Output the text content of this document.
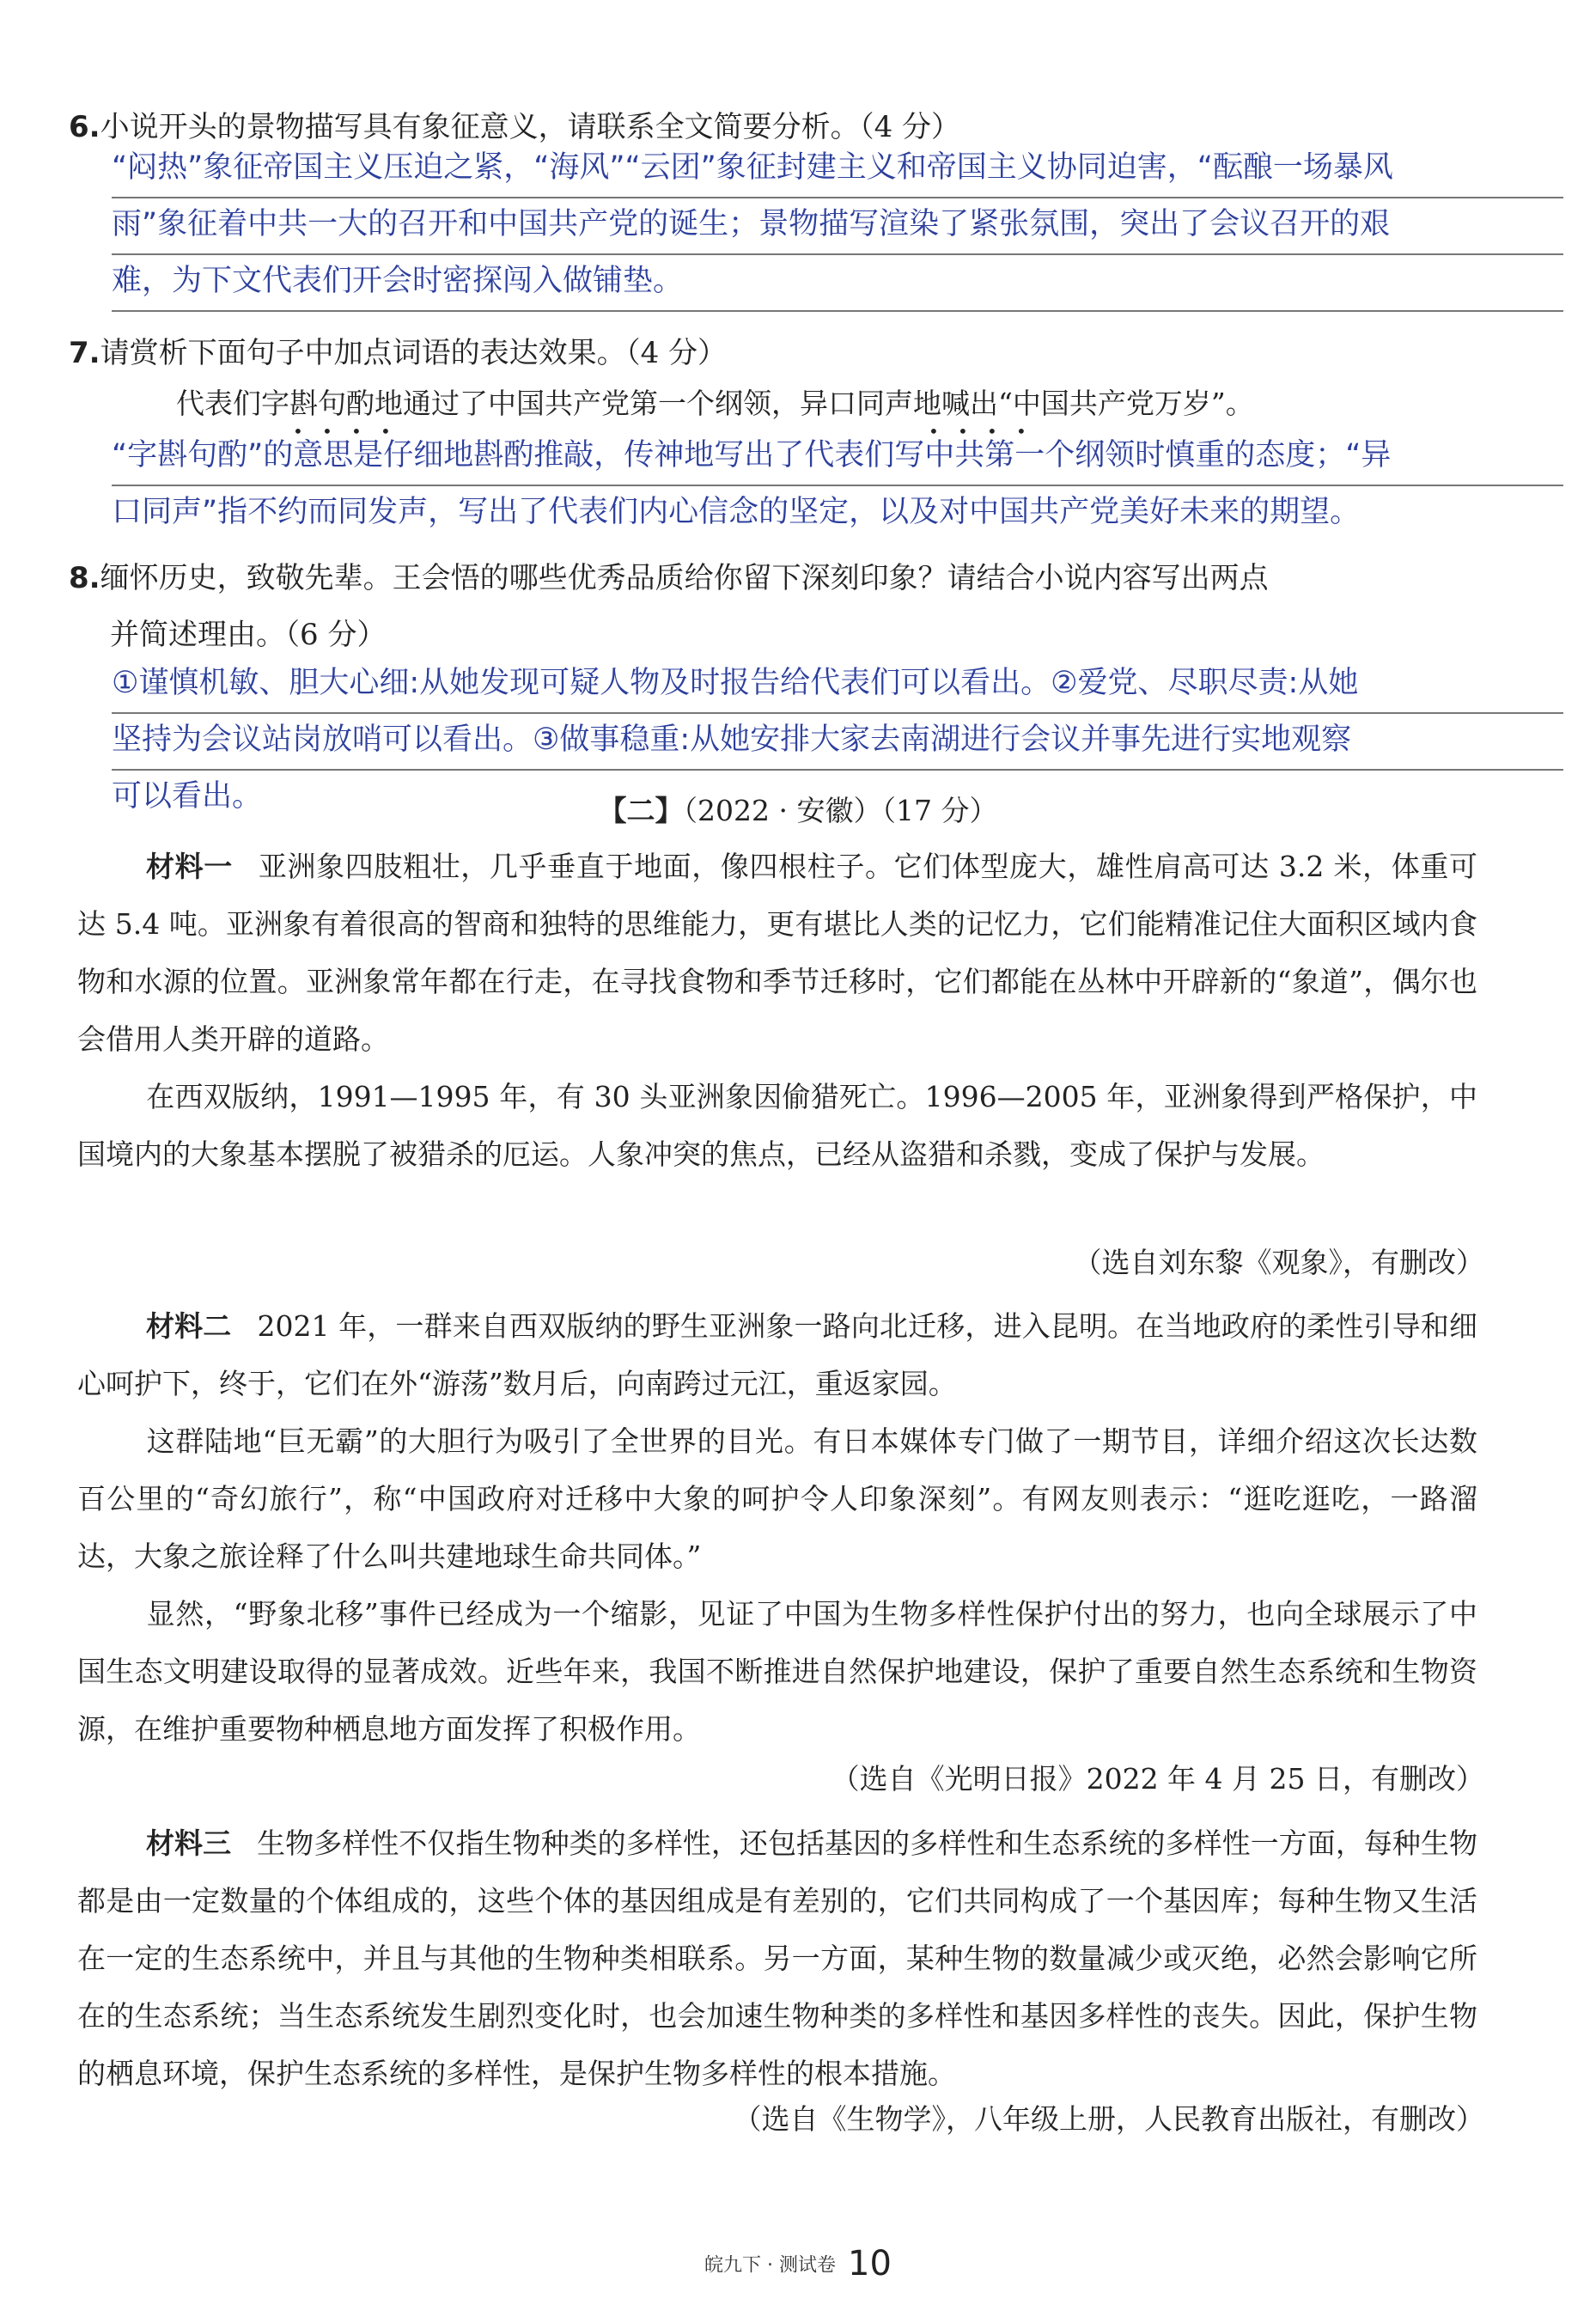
6.小说开头的景物描写具有象征意义，请联系全文简要分析。（4 分）
“闷热”象征帝国主义压迫之紧，“海风”“云团”象征封建主义和帝国主义协同迫害，“酝酿一场暴风
雨”象征着中共一大的召开和中国共产党的诞生；景物描写渲染了紧张氛围，突出了会议召开的艰
难，为下文代表们开会时密探闯入做铺垫。
7.请赏析下面句子中加点词语的表达效果。（4 分）
代表们字斟句酌地通过了中国共产党第一个纲领，异口同声地喊出“中国共产党万岁”。
• • • •	• • • •
“字斟句酌”的意思是仔细地斟酌推敲，传神地写出了代表们写中共第一个纲领时慎重的态度；“异
口同声”指不约而同发声，写出了代表们内心信念的坚定，以及对中国共产党美好未来的期望。
8.缅怀历史，致敬先辈。王会悟的哪些优秀品质给你留下深刻印象？请结合小说内容写出两点
并简述理由。（6 分）
①谨慎机敏、胆大心细:从她发现可疑人物及时报告给代表们可以看出。②爱党、尽职尽责:从她
坚持为会议站岗放哨可以看出。③做事稳重:从她安排大家去南湖进行会议并事先进行实地观察
可以看出。	【二】（2022 · 安徽）（17 分）
材料一 亚洲象四肢粗壮，几乎垂直于地面，像四根柱子。它们体型庞大，雄性肩高可达 3.2 米，体重可达 5.4 吨。亚洲象有着很高的智商和独特的思维能力，更有堪比人类的记忆力，它们能精准记住大面积区域内食物和水源的位置。亚洲象常年都在行走，在寻找食物和季节迁移时，它们都能在丛林中开辟新的“象道”，偶尔也会借用人类开辟的道路。
在西双版纳，1991—1995 年，有 30 头亚洲象因偷猎死亡。1996—2005 年，亚洲象得到严格保护，中国境内的大象基本摆脱了被猎杀的厄运。人象冲突的焦点，已经从盗猎和杀戮，变成了保护与发展。
（选自刘东黎《观象》，有删改）
材料二 2021 年，一群来自西双版纳的野生亚洲象一路向北迁移，进入昆明。在当地政府的柔性引导和细心呵护下，终于，它们在外“游荡”数月后，向南跨过元江，重返家园。
这群陆地“巨无霸”的大胆行为吸引了全世界的目光。有日本媒体专门做了一期节目，详细介绍这次长达数百公里的“奇幻旅行”，称“中国政府对迁移中大象的呵护令人印象深刻”。有网友则表示：“逛吃逛吃，一路溜达，大象之旅诠释了什么叫共建地球生命共同体。”
显然，“野象北移”事件已经成为一个缩影，见证了中国为生物多样性保护付出的努力，也向全球展示了中国生态文明建设取得的显著成效。近些年来，我国不断推进自然保护地建设，保护了重要自然生态系统和生物资源，在维护重要物种栖息地方面发挥了积极作用。
（选自《光明日报》2022 年 4 月 25 日，有删改）
材料三 生物多样性不仅指生物种类的多样性，还包括基因的多样性和生态系统的多样性一方面，每种生物都是由一定数量的个体组成的，这些个体的基因组成是有差别的，它们共同构成了一个基因库；每种生物又生活在一定的生态系统中，并且与其他的生物种类相联系。另一方面，某种生物的数量减少或灭绝，必然会影响它所在的生态系统；当生态系统发生剧烈变化时，也会加速生物种类的多样性和基因多样性的丧失。因此，保护生物的栖息环境，保护生态系统的多样性，是保护生物多样性的根本措施。
（选自《生物学》，八年级上册，人民教育出版社，有删改）
皖九下 · 测试卷 10
